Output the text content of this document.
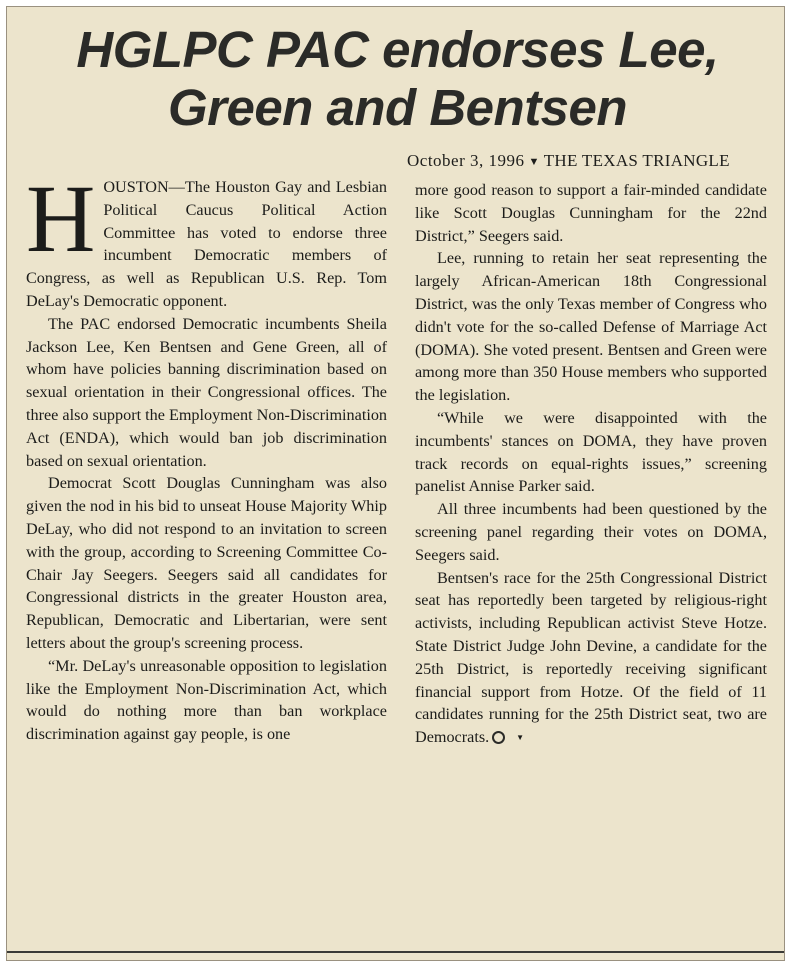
HGLPC PAC endorses Lee,
Green and Bentsen
October 3, 1996 ▼ THE TEXAS TRIANGLE

HOUSTON—The Houston Gay and Lesbian Political Caucus Political Action Committee has voted to endorse three incumbent Democratic members of Congress, as well as Republican U.S. Rep. Tom DeLay's Democratic opponent.

The PAC endorsed Democratic incumbents Sheila Jackson Lee, Ken Bentsen and Gene Green, all of whom have policies banning discrimination based on sexual orientation in their Congressional offices. The three also support the Employment Non-Discrimination Act (ENDA), which would ban job discrimination based on sexual orientation.

Democrat Scott Douglas Cunningham was also given the nod in his bid to unseat House Majority Whip DeLay, who did not respond to an invitation to screen with the group, according to Screening Committee Co-Chair Jay Seegers. Seegers said all candidates for Congressional districts in the greater Houston area, Republican, Democratic and Libertarian, were sent letters about the group's screening process.

“Mr. DeLay's unreasonable opposition to legislation like the Employment Non-Discrimination Act, which would do nothing more than ban workplace discrimination against gay people, is one

more good reason to support a fair-minded candidate like Scott Douglas Cunningham for the 22nd District,” Seegers said.

Lee, running to retain her seat representing the largely African-American 18th Congressional District, was the only Texas member of Congress who didn't vote for the so-called Defense of Marriage Act (DOMA). She voted present. Bentsen and Green were among more than 350 House members who supported the legislation.

“While we were disappointed with the incumbents' stances on DOMA, they have proven track records on equal-rights issues,” screening panelist Annise Parker said.

All three incumbents had been questioned by the screening panel regarding their votes on DOMA, Seegers said.

Bentsen's race for the 25th Congressional District seat has reportedly been targeted by religious-right activists, including Republican activist Steve Hotze. State District Judge John Devine, a candidate for the 25th District, is reportedly receiving significant financial support from Hotze. Of the field of 11 candidates running for the 25th District seat, two are Democrats.	▼
